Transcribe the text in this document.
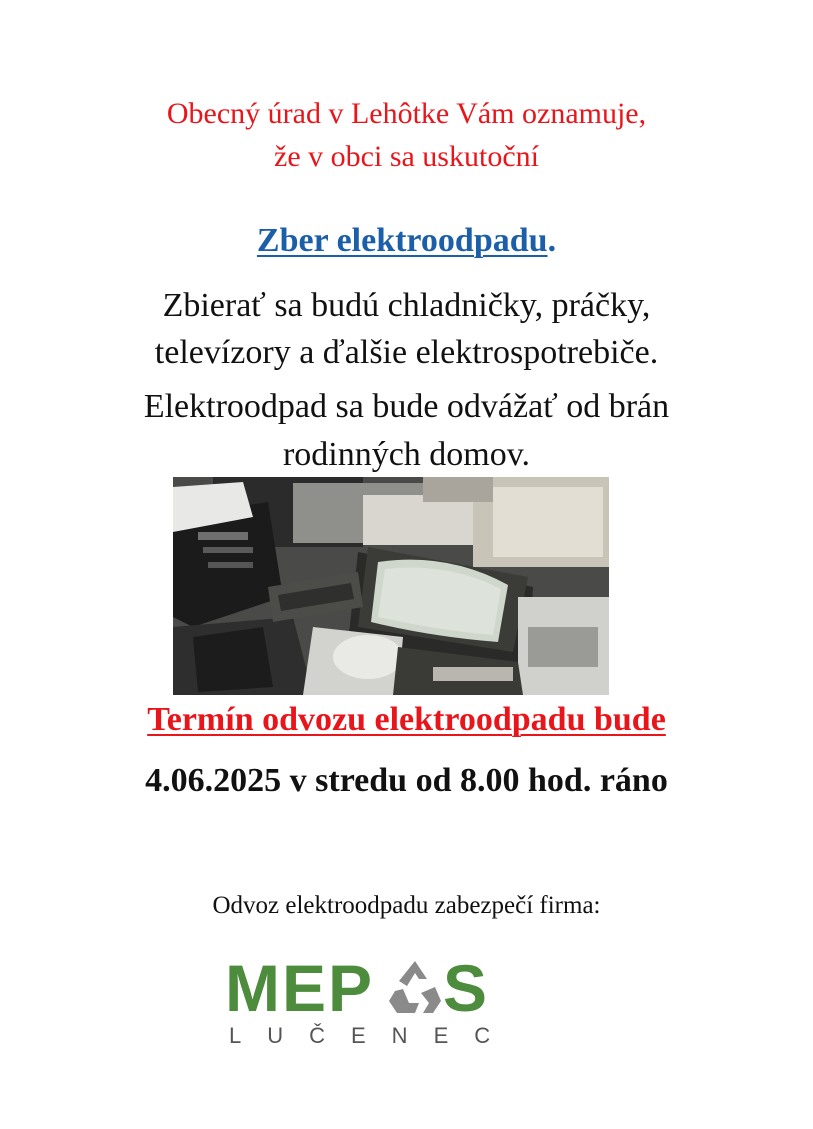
Obecný úrad v Lehôtke Vám oznamuje,
že v obci sa uskutoční
Zber elektroodpadu.
Zbierať sa budú chladničky, práčky,
televízory a ďalšie elektrospotrebiče.
Elektroodpad sa bude odvážať od brán
rodinných domov.
Termín odvozu elektroodpadu bude
4.06.2025 v stredu od 8.00 hod. ráno
Odvoz elektroodpadu zabezpečí firma:
MEP S
LUČENEC
